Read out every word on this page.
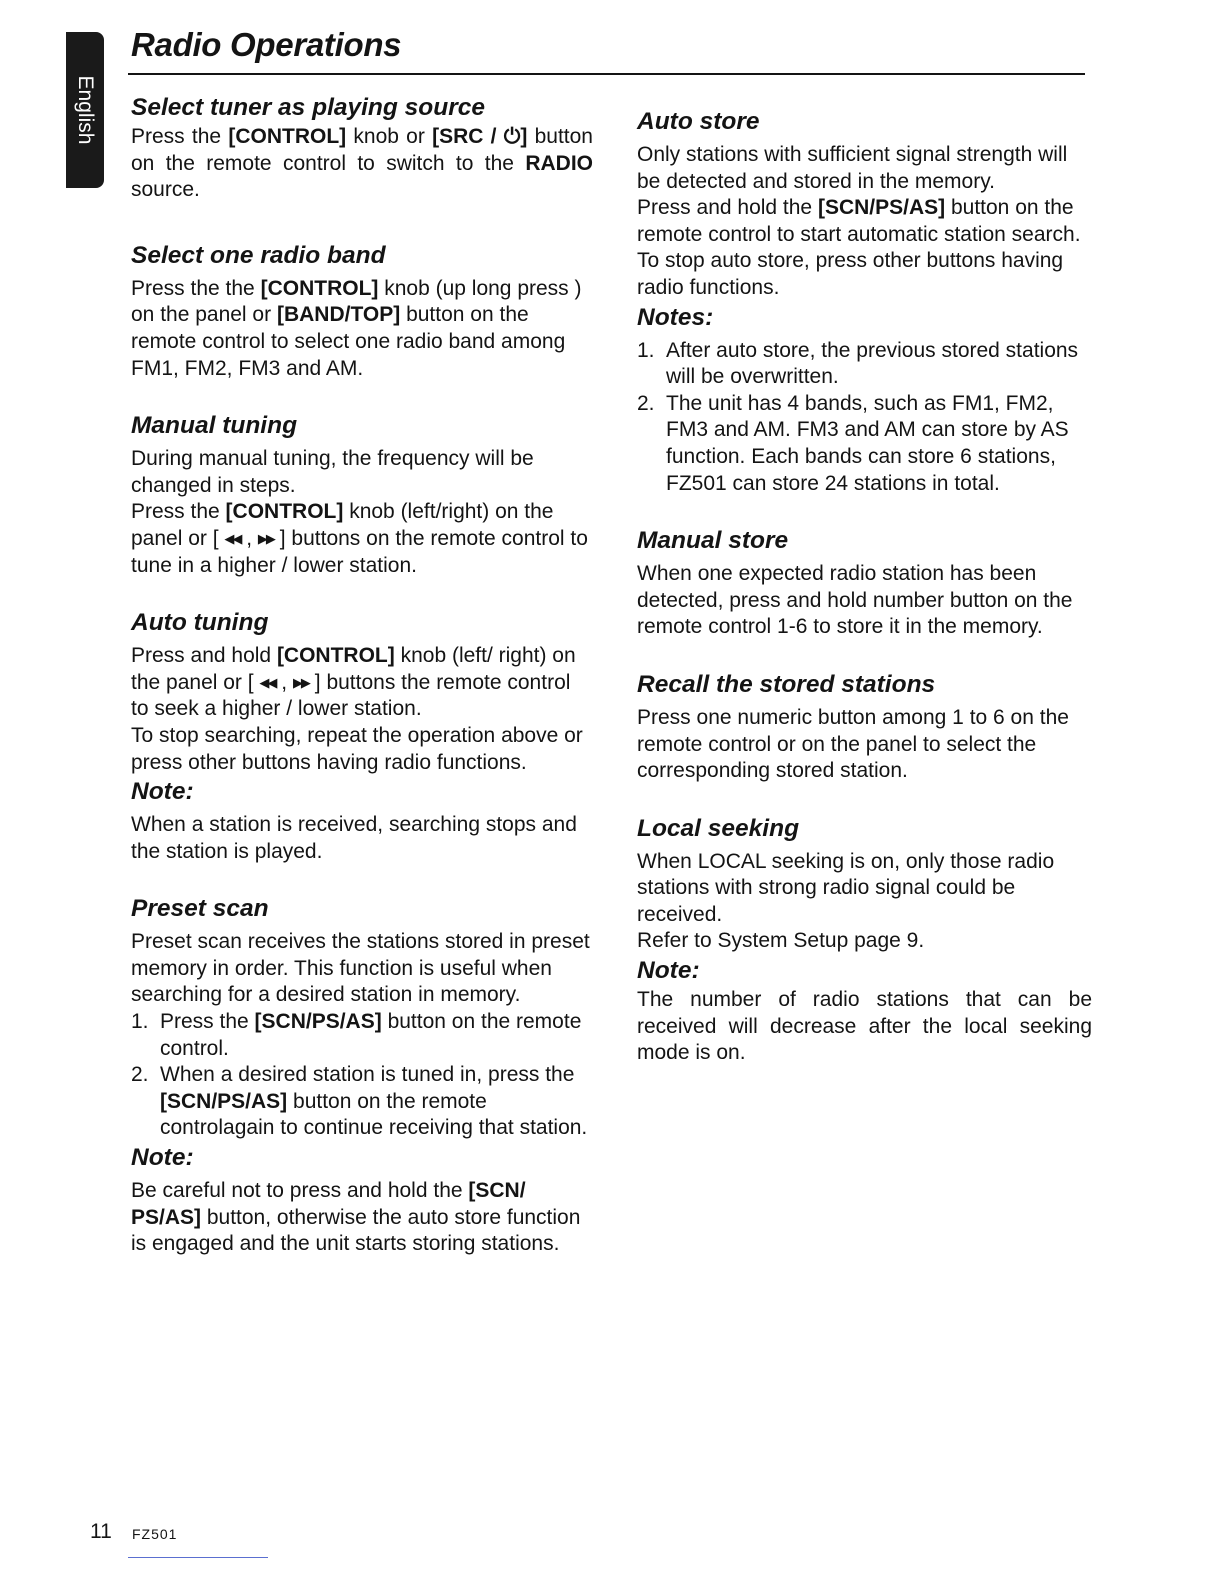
English
Radio Operations
Select tuner as playing source

Press the [CONTROL] knob or [SRC / ⏻] button on the remote control to switch to the RADIO source.

Select one radio band

Press the the [CONTROL] knob (up long press ) on the panel or [BAND/TOP] button on the remote control to select one radio band among FM1, FM2, FM3 and AM.

Manual tuning

During manual tuning, the frequency will be changed in steps.

Press the [CONTROL] knob (left/right) on the panel or [ ◀◀ , ▶▶ ] buttons on the remote control to tune in a higher / lower station.

Auto tuning

Press and hold [CONTROL] knob (left/ right) on the panel or [ ◀◀ , ▶▶ ] buttons the remote control to seek a higher / lower station.

To stop searching, repeat the operation above or press other buttons having radio functions.

Note:

When a station is received, searching stops and the station is played.

Preset scan

Preset scan receives the stations stored in preset memory in order. This function is useful when searching for a desired station in memory.

1. Press the [SCN/PS/AS] button on the remote control.
2. When a desired station is tuned in, press the [SCN/PS/AS] button on the remote controlagain to continue receiving that station.
Note:

Be careful not to press and hold the [SCN/ PS/AS] button, otherwise the auto store function is engaged and the unit starts storing stations.

Auto store

Only stations with sufficient signal strength will be detected and stored in the memory.

Press and hold the [SCN/PS/AS] button on the remote control to start automatic station search.

To stop auto store, press other buttons having radio functions.

Notes:
1. After auto store, the previous stored stations will be overwritten.
2. The unit has 4 bands, such as FM1, FM2, FM3 and AM. FM3 and AM can store by AS function. Each bands can store 6 stations, FZ501 can store 24 stations in total.
Manual store

When one expected radio station has been detected, press and hold number button on the remote control 1-6 to store it in the memory.

Recall the stored stations

Press one numeric button among 1 to 6 on the remote control or on the panel to select the corresponding stored station.

Local seeking

When LOCAL seeking is on, only those radio stations with strong radio signal could be received.

Refer to System Setup page 9.

Note:

The number of radio stations that can be received will decrease after the local seeking mode is on.

11 FZ501
